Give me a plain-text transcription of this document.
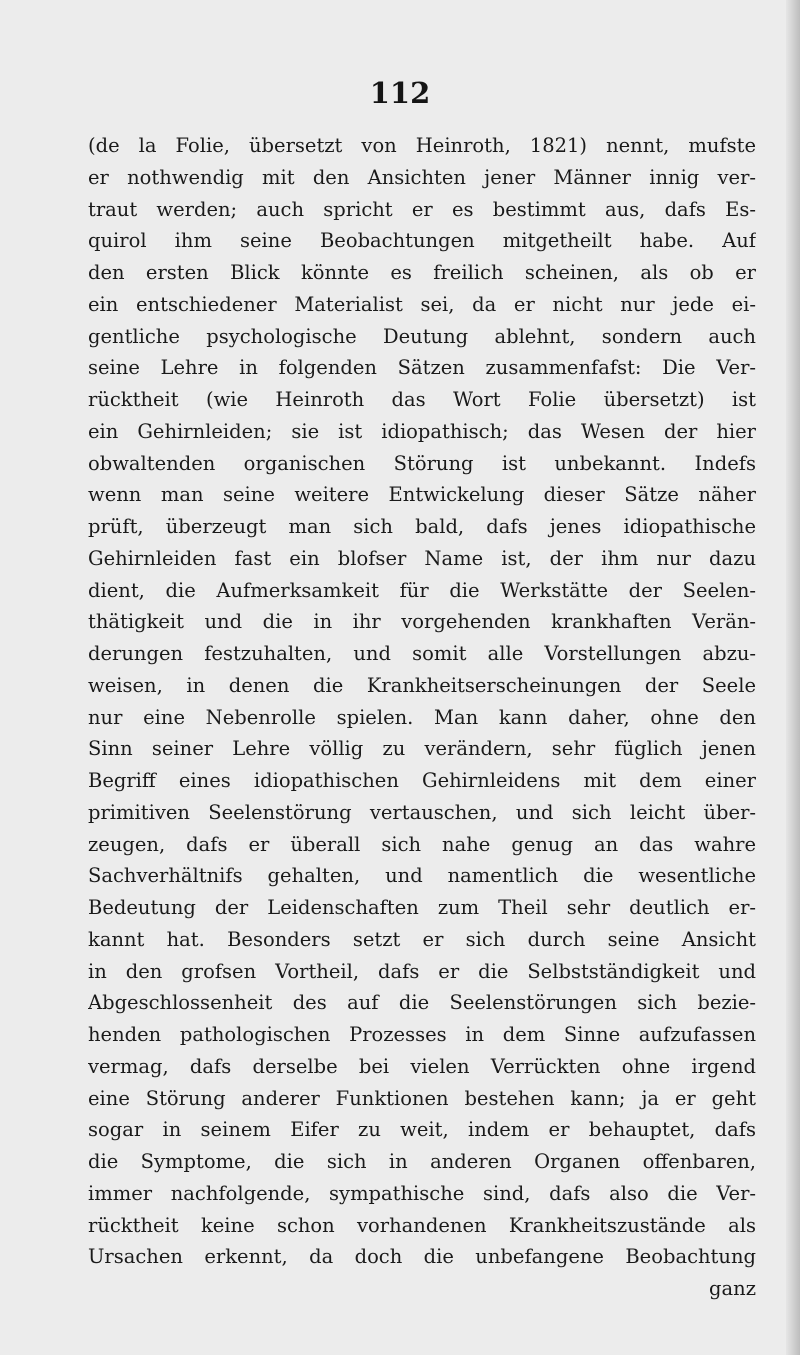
112
(de la Folie, übersetzt von Heinroth, 1821) nennt, mufste
er nothwendig mit den Ansichten jener Männer innig ver-
traut werden; auch spricht er es bestimmt aus, dafs Es-
quirol ihm seine Beobachtungen mitgetheilt habe. Auf
den ersten Blick könnte es freilich scheinen, als ob er
ein entschiedener Materialist sei, da er nicht nur jede ei-
gentliche psychologische Deutung ablehnt, sondern auch
seine Lehre in folgenden Sätzen zusammenfafst: Die Ver-
rücktheit (wie Heinroth das Wort Folie übersetzt) ist
ein Gehirnleiden; sie ist idiopathisch; das Wesen der hier
obwaltenden organischen Störung ist unbekannt. Indefs
wenn man seine weitere Entwickelung dieser Sätze näher
prüft, überzeugt man sich bald, dafs jenes idiopathische
Gehirnleiden fast ein blofser Name ist, der ihm nur dazu
dient, die Aufmerksamkeit für die Werkstätte der Seelen-
thätigkeit und die in ihr vorgehenden krankhaften Verän-
derungen festzuhalten, und somit alle Vorstellungen abzu-
weisen, in denen die Krankheitserscheinungen der Seele
nur eine Nebenrolle spielen. Man kann daher, ohne den
Sinn seiner Lehre völlig zu verändern, sehr füglich jenen
Begriff eines idiopathischen Gehirnleidens mit dem einer
primitiven Seelenstörung vertauschen, und sich leicht über-
zeugen, dafs er überall sich nahe genug an das wahre
Sachverhältnifs gehalten, und namentlich die wesentliche
Bedeutung der Leidenschaften zum Theil sehr deutlich er-
kannt hat. Besonders setzt er sich durch seine Ansicht
in den grofsen Vortheil, dafs er die Selbstständigkeit und
Abgeschlossenheit des auf die Seelenstörungen sich bezie-
henden pathologischen Prozesses in dem Sinne aufzufassen
vermag, dafs derselbe bei vielen Verrückten ohne irgend
eine Störung anderer Funktionen bestehen kann; ja er geht
sogar in seinem Eifer zu weit, indem er behauptet, dafs
die Symptome, die sich in anderen Organen offenbaren,
immer nachfolgende, sympathische sind, dafs also die Ver-
rücktheit keine schon vorhandenen Krankheitszustände als
Ursachen erkennt, da doch die unbefangene Beobachtung
ganz
